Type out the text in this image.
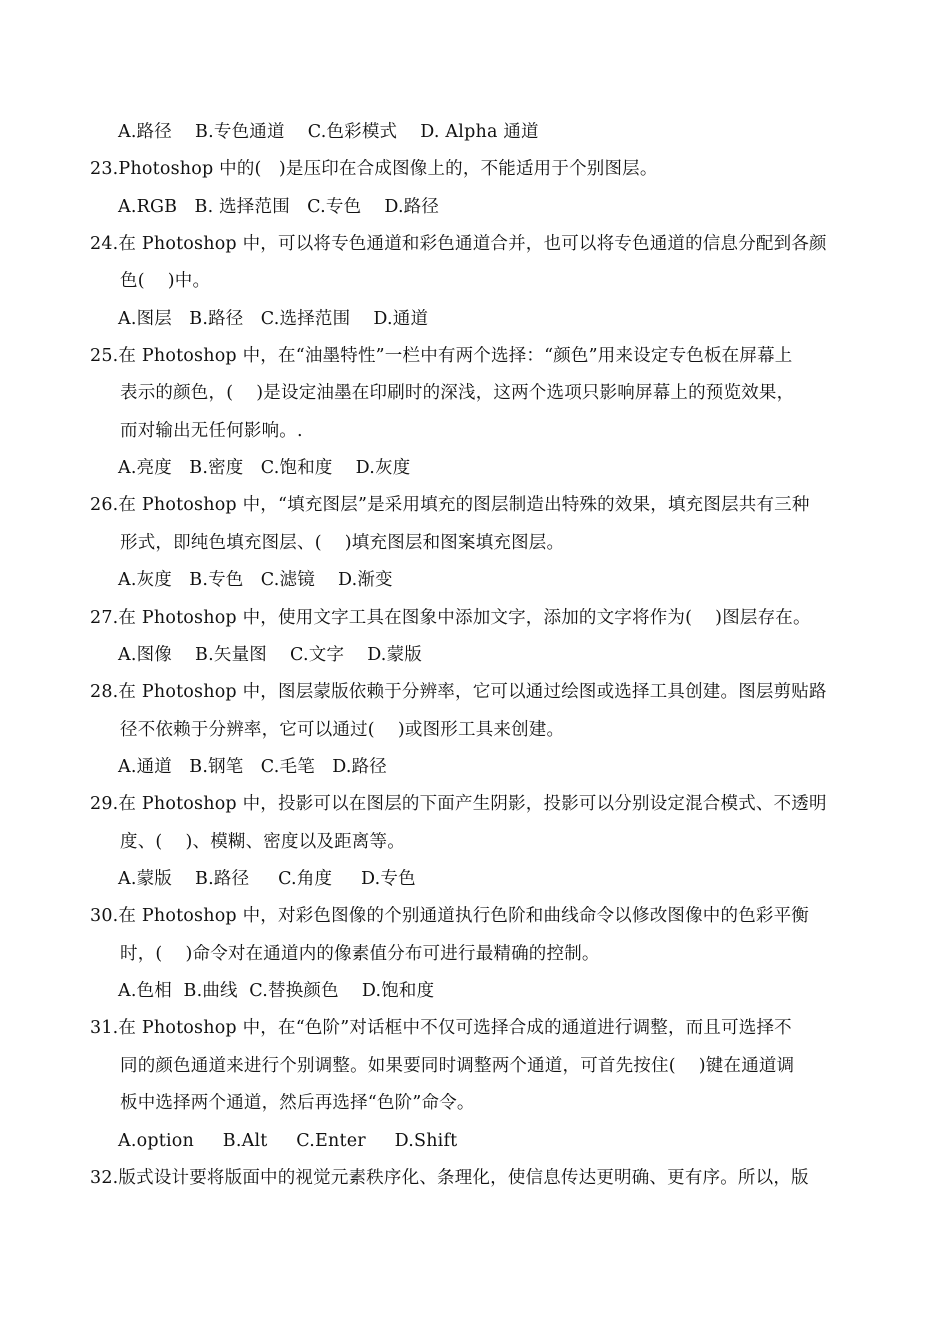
A.路径    B.专色通道    C.色彩模式    D. Alpha 通道
23.Photoshop 中的(   )是压印在合成图像上的，不能适用于个别图层。
A.RGB   B. 选择范围   C.专色    D.路径
24.在 Photoshop 中，可以将专色通道和彩色通道合并，也可以将专色通道的信息分配到各颜
色(    )中。
A.图层   B.路径   C.选择范围    D.通道
25.在 Photoshop 中，在“油墨特性”一栏中有两个选择：“颜色”用来设定专色板在屏幕上
表示的颜色，(    )是设定油墨在印刷时的深浅，这两个选项只影响屏幕上的预览效果，
而对输出无任何影响。.
A.亮度   B.密度   C.饱和度    D.灰度
26.在 Photoshop 中，“填充图层”是采用填充的图层制造出特殊的效果，填充图层共有三种
形式，即纯色填充图层、(    )填充图层和图案填充图层。
A.灰度   B.专色   C.滤镜    D.渐变
27.在 Photoshop 中，使用文字工具在图象中添加文字，添加的文字将作为(    )图层存在。
A.图像    B.矢量图    C.文字    D.蒙版
28.在 Photoshop 中，图层蒙版依赖于分辨率，它可以通过绘图或选择工具创建。图层剪贴路
径不依赖于分辨率，它可以通过(    )或图形工具来创建。
A.通道   B.钢笔   C.毛笔   D.路径
29.在 Photoshop 中，投影可以在图层的下面产生阴影，投影可以分别设定混合模式、不透明
度、(    )、模糊、密度以及距离等。
A.蒙版    B.路径     C.角度     D.专色
30.在 Photoshop 中，对彩色图像的个别通道执行色阶和曲线命令以修改图像中的色彩平衡
时，(    )命令对在通道内的像素值分布可进行最精确的控制。
A.色相  B.曲线  C.替换颜色    D.饱和度
31.在 Photoshop 中，在“色阶”对话框中不仅可选择合成的通道进行调整，而且可选择不
同的颜色通道来进行个别调整。如果要同时调整两个通道，可首先按住(    )键在通道调
板中选择两个通道，然后再选择“色阶”命令。
A.option     B.Alt     C.Enter     D.Shift
32.版式设计要将版面中的视觉元素秩序化、条理化，使信息传达更明确、更有序。所以，版
